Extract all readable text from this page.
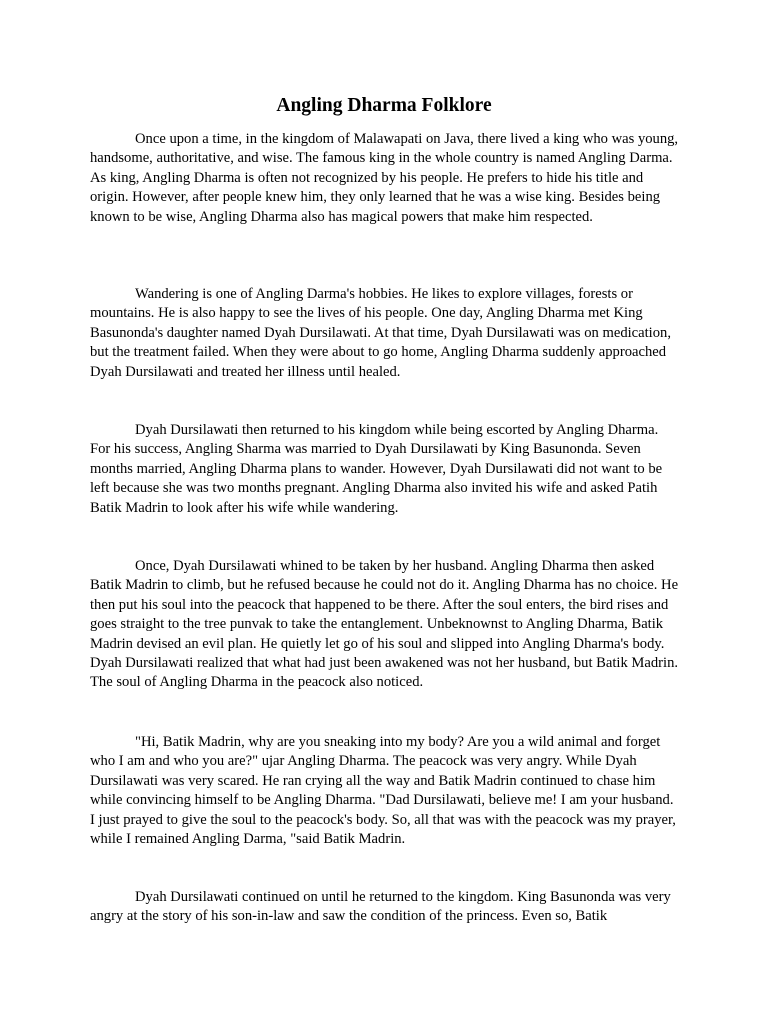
Angling Dharma Folklore

Once upon a time, in the kingdom of Malawapati on Java, there lived a king who was young, handsome, authoritative, and wise. The famous king in the whole country is named Angling Darma. As king, Angling Dharma is often not recognized by his people. He prefers to hide his title and origin. However, after people knew him, they only learned that he was a wise king. Besides being known to be wise, Angling Dharma also has magical powers that make him respected.

Wandering is one of Angling Darma's hobbies. He likes to explore villages, forests or mountains. He is also happy to see the lives of his people. One day, Angling Dharma met King Basunonda's daughter named Dyah Dursilawati. At that time, Dyah Dursilawati was on medication, but the treatment failed. When they were about to go home, Angling Dharma suddenly approached Dyah Dursilawati and treated her illness until healed.

Dyah Dursilawati then returned to his kingdom while being escorted by Angling Dharma. For his success, Angling Sharma was married to Dyah Dursilawati by King Basunonda. Seven months married, Angling Dharma plans to wander. However, Dyah Dursilawati did not want to be left because she was two months pregnant. Angling Dharma also invited his wife and asked Patih Batik Madrin to look after his wife while wandering.

Once, Dyah Dursilawati whined to be taken by her husband. Angling Dharma then asked Batik Madrin to climb, but he refused because he could not do it. Angling Dharma has no choice. He then put his soul into the peacock that happened to be there. After the soul enters, the bird rises and goes straight to the tree punvak to take the entanglement. Unbeknownst to Angling Dharma, Batik Madrin devised an evil plan. He quietly let go of his soul and slipped into Angling Dharma's body. Dyah Dursilawati realized that what had just been awakened was not her husband, but Batik Madrin. The soul of Angling Dharma in the peacock also noticed.

"Hi, Batik Madrin, why are you sneaking into my body? Are you a wild animal and forget who I am and who you are?" ujar Angling Dharma. The peacock was very angry. While Dyah Dursilawati was very scared. He ran crying all the way and Batik Madrin continued to chase him while convincing himself to be Angling Dharma. "Dad Dursilawati, believe me! I am your husband. I just prayed to give the soul to the peacock's body. So, all that was with the peacock was my prayer, while I remained Angling Darma, "said Batik Madrin.

Dyah Dursilawati continued on until he returned to the kingdom. King Basunonda was very angry at the story of his son-in-law and saw the condition of the princess. Even so, Batik
